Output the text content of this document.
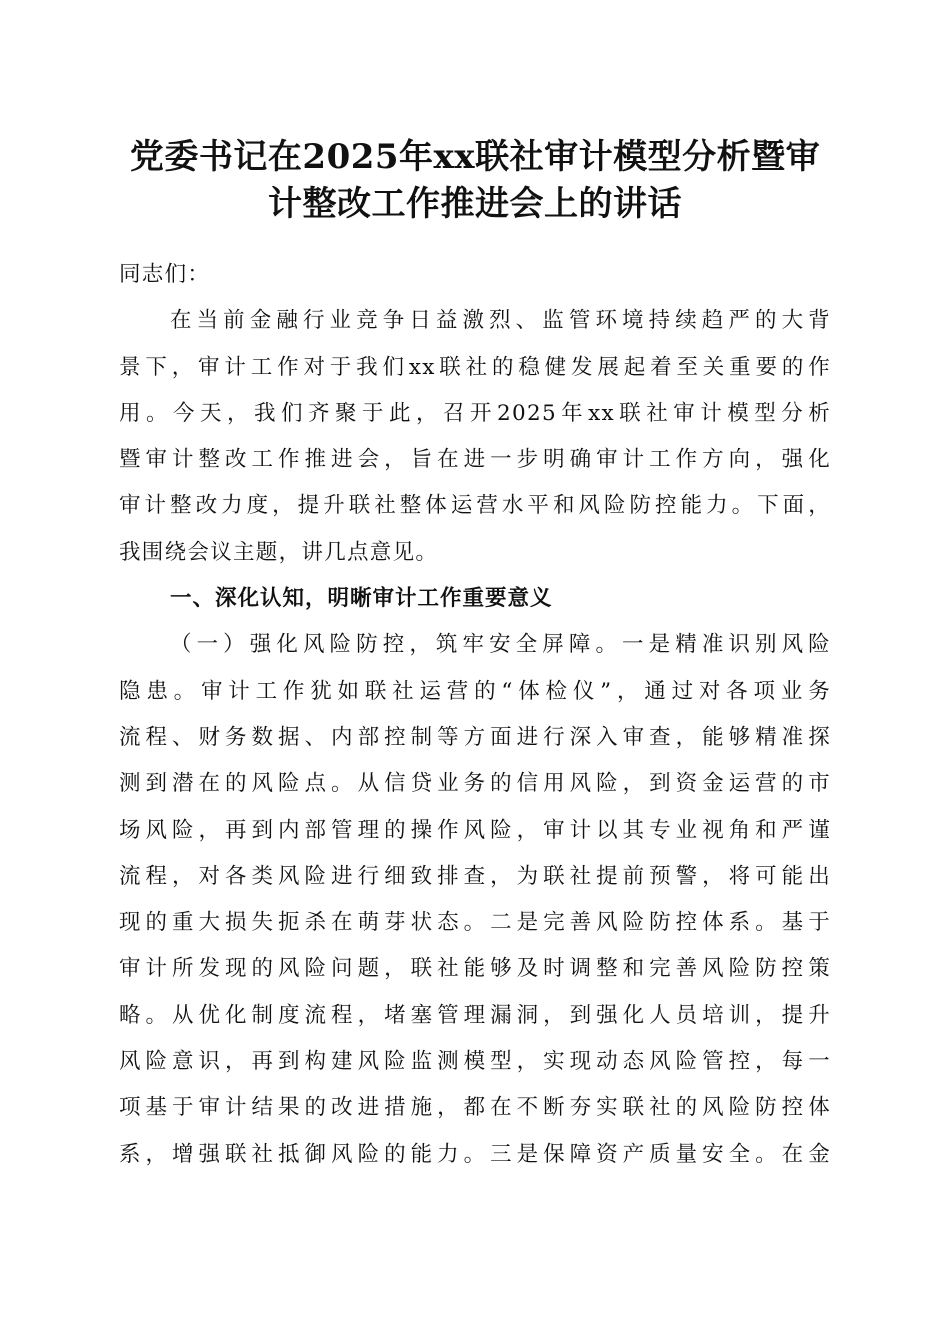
党委书记在2025年xx联社审计模型分析暨审
计整改工作推进会上的讲话
同志们：
在当前金融行业竞争日益激烈、监管环境持续趋严的大背
景下，审计工作对于我们xx联社的稳健发展起着至关重要的作
用。今天，我们齐聚于此，召开2025年xx联社审计模型分析
暨审计整改工作推进会，旨在进一步明确审计工作方向，强化
审计整改力度，提升联社整体运营水平和风险防控能力。下面，
我围绕会议主题，讲几点意见。
一、深化认知，明晰审计工作重要意义
（一）强化风险防控，筑牢安全屏障。一是精准识别风险
隐患。审计工作犹如联社运营的“体检仪”，通过对各项业务
流程、财务数据、内部控制等方面进行深入审查，能够精准探
测到潜在的风险点。从信贷业务的信用风险，到资金运营的市
场风险，再到内部管理的操作风险，审计以其专业视角和严谨
流程，对各类风险进行细致排查，为联社提前预警，将可能出
现的重大损失扼杀在萌芽状态。二是完善风险防控体系。基于
审计所发现的风险问题，联社能够及时调整和完善风险防控策
略。从优化制度流程，堵塞管理漏洞，到强化人员培训，提升
风险意识，再到构建风险监测模型，实现动态风险管控，每一
项基于审计结果的改进措施，都在不断夯实联社的风险防控体
系，增强联社抵御风险的能力。三是保障资产质量安全。在金
